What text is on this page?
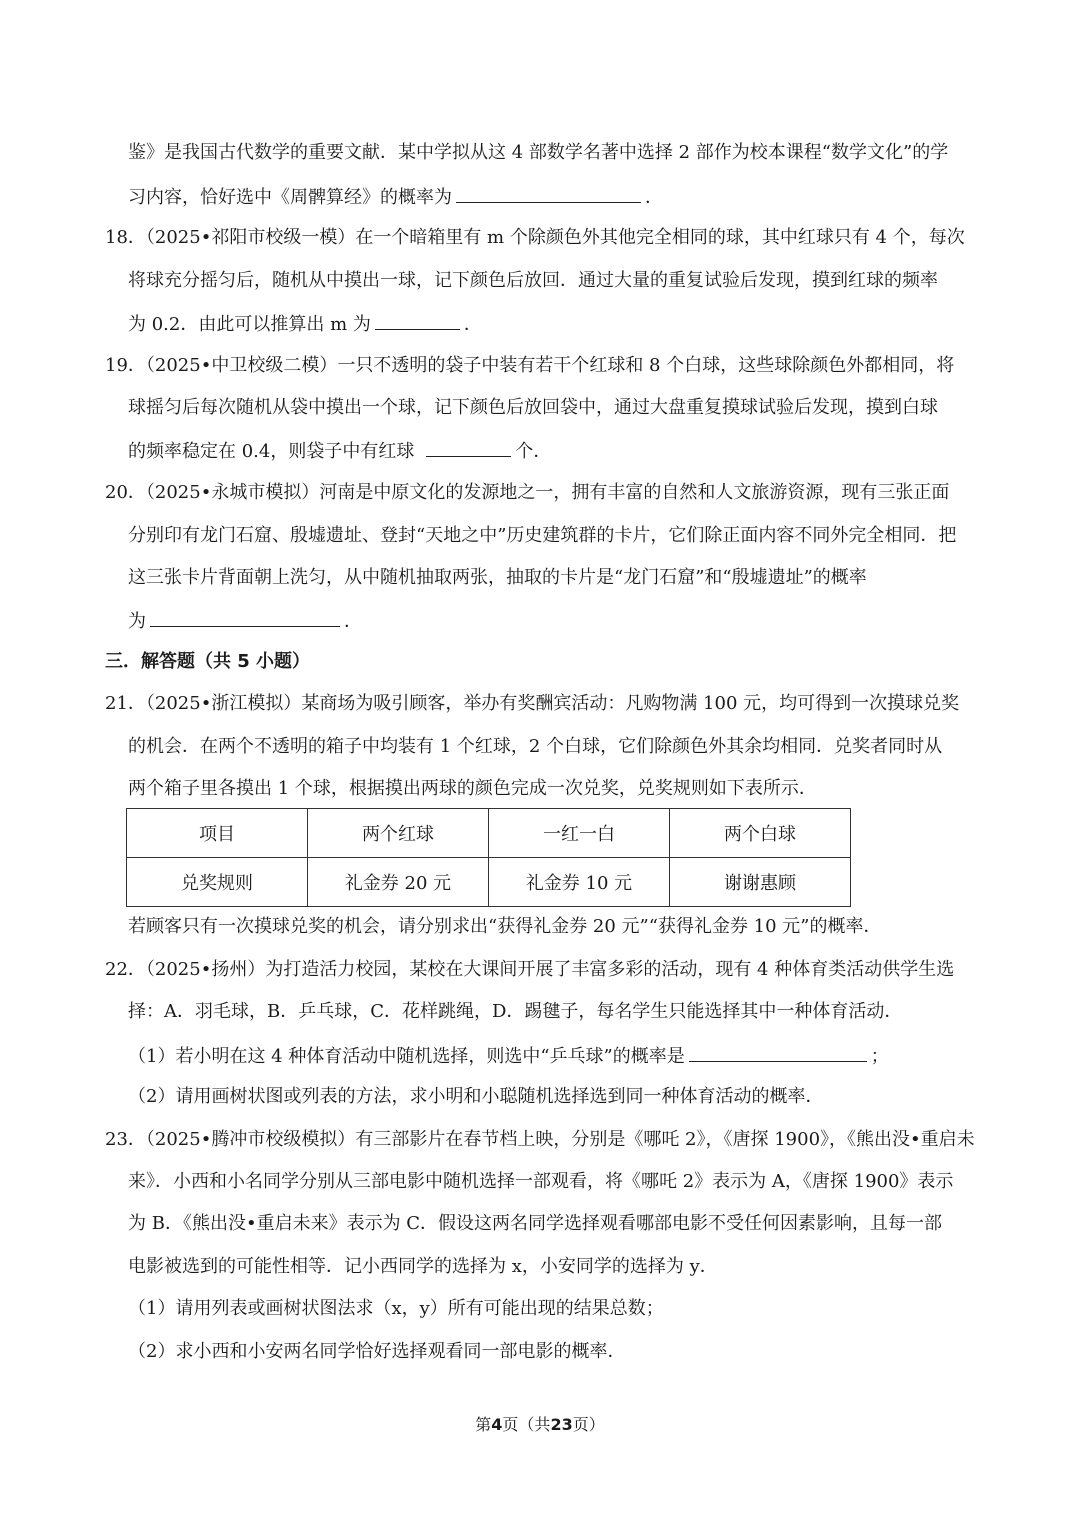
鉴》是我国古代数学的重要文献．某中学拟从这 4 部数学名著中选择 2 部作为校本课程“数学文化”的学
习内容，恰好选中《周髀算经》的概率为	．
18．（2025•祁阳市校级一模）在一个暗箱里有 m 个除颜色外其他完全相同的球，其中红球只有 4 个，每次
将球充分摇匀后，随机从中摸出一球，记下颜色后放回．通过大量的重复试验后发现，摸到红球的频率
为 0.2．由此可以推算出 m 为	．
19．（2025•中卫校级二模）一只不透明的袋子中装有若干个红球和 8 个白球，这些球除颜色外都相同，将
球摇匀后每次随机从袋中摸出一个球，记下颜色后放回袋中，通过大盘重复摸球试验后发现，摸到白球
的频率稳定在 0.4，则袋子中有红球	个．
20．（2025•永城市模拟）河南是中原文化的发源地之一，拥有丰富的自然和人文旅游资源，现有三张正面
分别印有龙门石窟、殷墟遗址、登封“天地之中”历史建筑群的卡片，它们除正面内容不同外完全相同．把
这三张卡片背面朝上洗匀，从中随机抽取两张，抽取的卡片是“龙门石窟”和“殷墟遗址”的概率
为	．
三．解答题（共 5 小题）
21．（2025•浙江模拟）某商场为吸引顾客，举办有奖酬宾活动：凡购物满 100 元，均可得到一次摸球兑奖
的机会．在两个不透明的箱子中均装有 1 个红球，2 个白球，它们除颜色外其余均相同．兑奖者同时从
两个箱子里各摸出 1 个球，根据摸出两球的颜色完成一次兑奖，兑奖规则如下表所示．
项目	两个红球	一红一白	两个白球
兑奖规则	礼金券 20 元	礼金券 10 元	谢谢惠顾
若顾客只有一次摸球兑奖的机会，请分别求出“获得礼金券 20 元”“获得礼金券 10 元”的概率．
22．（2025•扬州）为打造活力校园，某校在大课间开展了丰富多彩的活动，现有 4 种体育类活动供学生选
择：A．羽毛球，B．乒乓球，C．花样跳绳，D．踢毽子，每名学生只能选择其中一种体育活动．
（1）若小明在这 4 种体育活动中随机选择，则选中“乒乓球”的概率是	；
（2）请用画树状图或列表的方法，求小明和小聪随机选择选到同一种体育活动的概率．
23．（2025•腾冲市校级模拟）有三部影片在春节档上映，分别是《哪吒 2》，《唐探 1900》，《熊出没•重启未
来》．小西和小名同学分别从三部电影中随机选择一部观看，将《哪吒 2》表示为 A，《唐探 1900》表示
为 B．《熊出没•重启未来》表示为 C．假设这两名同学选择观看哪部电影不受任何因素影响，且每一部
电影被选到的可能性相等．记小西同学的选择为 x，小安同学的选择为 y．
（1）请用列表或画树状图法求（x，y）所有可能出现的结果总数；
（2）求小西和小安两名同学恰好选择观看同一部电影的概率．
第4页（共23页）
